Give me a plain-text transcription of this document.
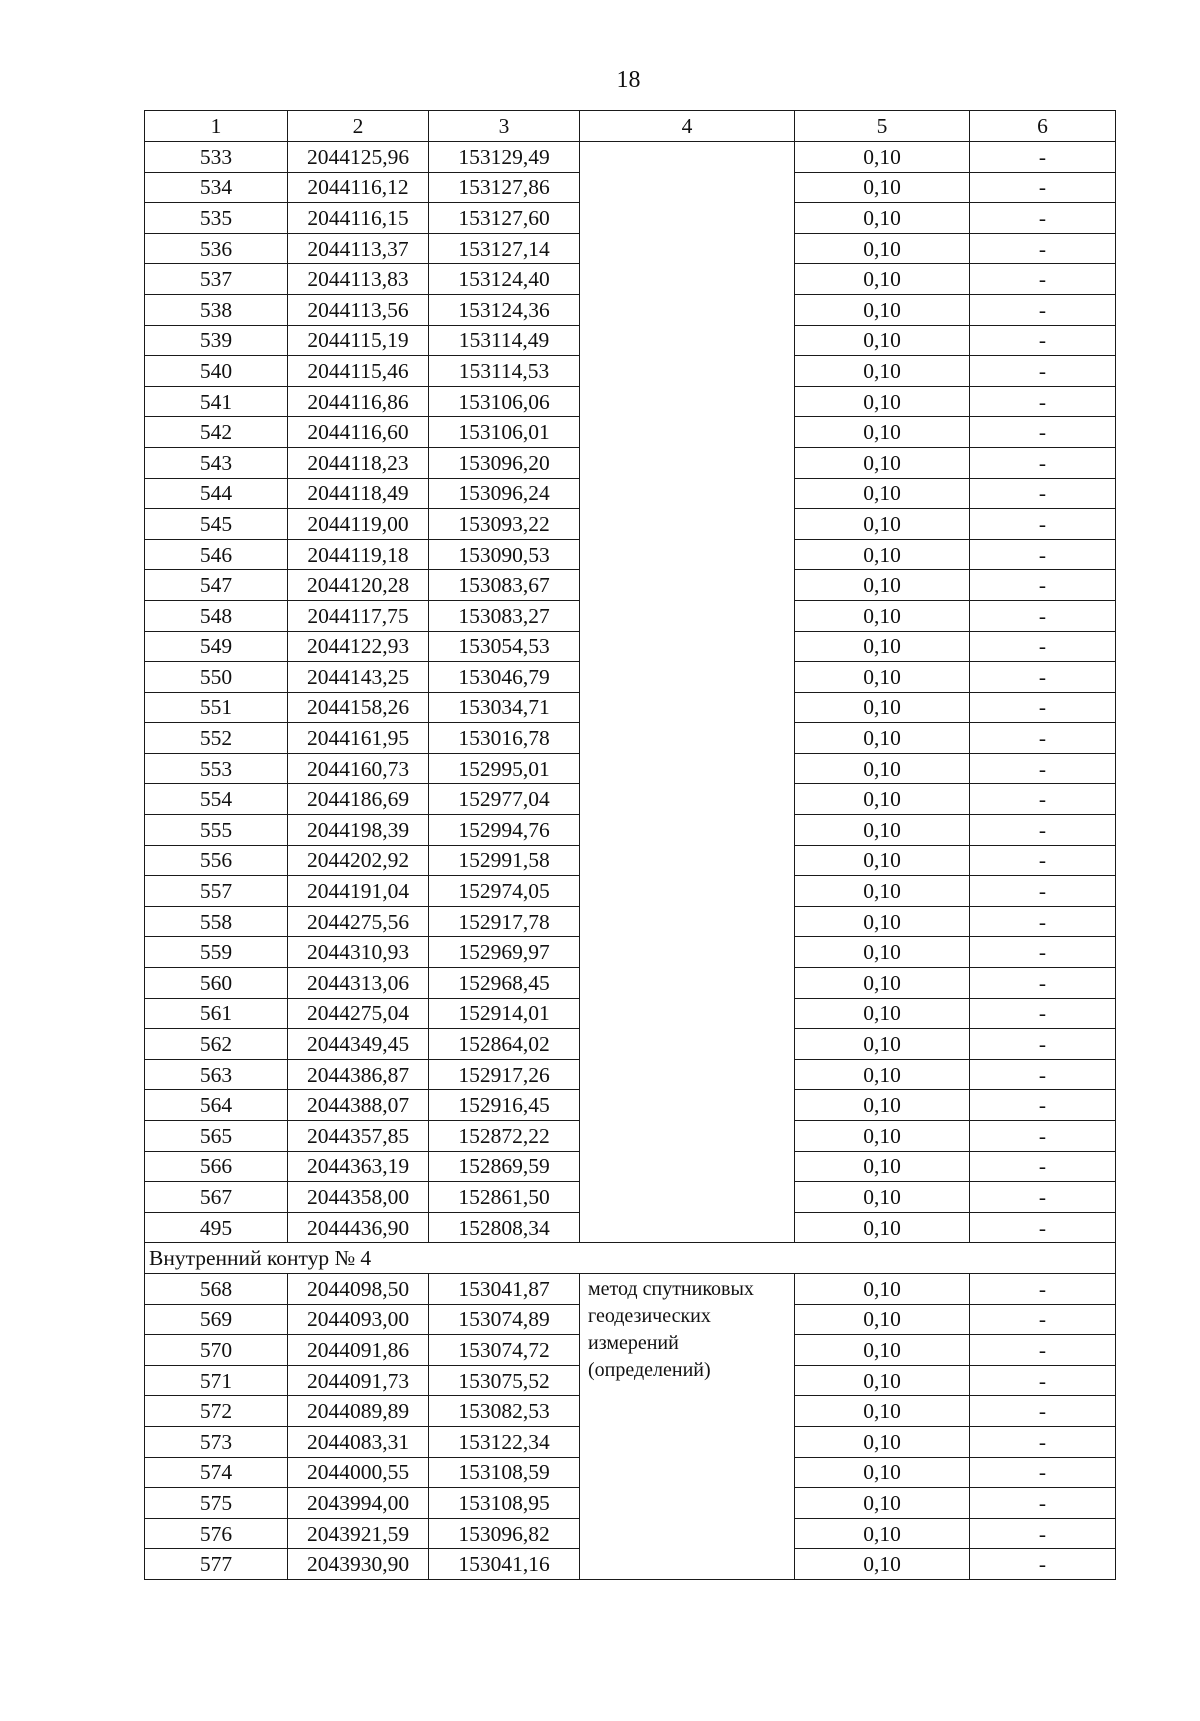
18
1	2	3	4	5	6
533	2044125,96	153129,49		0,10	-
534	2044116,12	153127,86		0,10	-
535	2044116,15	153127,60		0,10	-
536	2044113,37	153127,14		0,10	-
537	2044113,83	153124,40		0,10	-
538	2044113,56	153124,36		0,10	-
539	2044115,19	153114,49		0,10	-
540	2044115,46	153114,53		0,10	-
541	2044116,86	153106,06		0,10	-
542	2044116,60	153106,01		0,10	-
543	2044118,23	153096,20		0,10	-
544	2044118,49	153096,24		0,10	-
545	2044119,00	153093,22		0,10	-
546	2044119,18	153090,53		0,10	-
547	2044120,28	153083,67		0,10	-
548	2044117,75	153083,27		0,10	-
549	2044122,93	153054,53		0,10	-
550	2044143,25	153046,79		0,10	-
551	2044158,26	153034,71		0,10	-
552	2044161,95	153016,78		0,10	-
553	2044160,73	152995,01		0,10	-
554	2044186,69	152977,04		0,10	-
555	2044198,39	152994,76		0,10	-
556	2044202,92	152991,58		0,10	-
557	2044191,04	152974,05		0,10	-
558	2044275,56	152917,78		0,10	-
559	2044310,93	152969,97		0,10	-
560	2044313,06	152968,45		0,10	-
561	2044275,04	152914,01		0,10	-
562	2044349,45	152864,02		0,10	-
563	2044386,87	152917,26		0,10	-
564	2044388,07	152916,45		0,10	-
565	2044357,85	152872,22		0,10	-
566	2044363,19	152869,59		0,10	-
567	2044358,00	152861,50		0,10	-
495	2044436,90	152808,34		0,10	-
Внутренний контур № 4					
568	2044098,50	153041,87	метод спутниковых
геодезических
измерений
(определений)	0,10	-
569	2044093,00	153074,89		0,10	-
570	2044091,86	153074,72		0,10	-
571	2044091,73	153075,52		0,10	-
572	2044089,89	153082,53		0,10	-
573	2044083,31	153122,34		0,10	-
574	2044000,55	153108,59		0,10	-
575	2043994,00	153108,95		0,10	-
576	2043921,59	153096,82		0,10	-
577	2043930,90	153041,16		0,10	-
